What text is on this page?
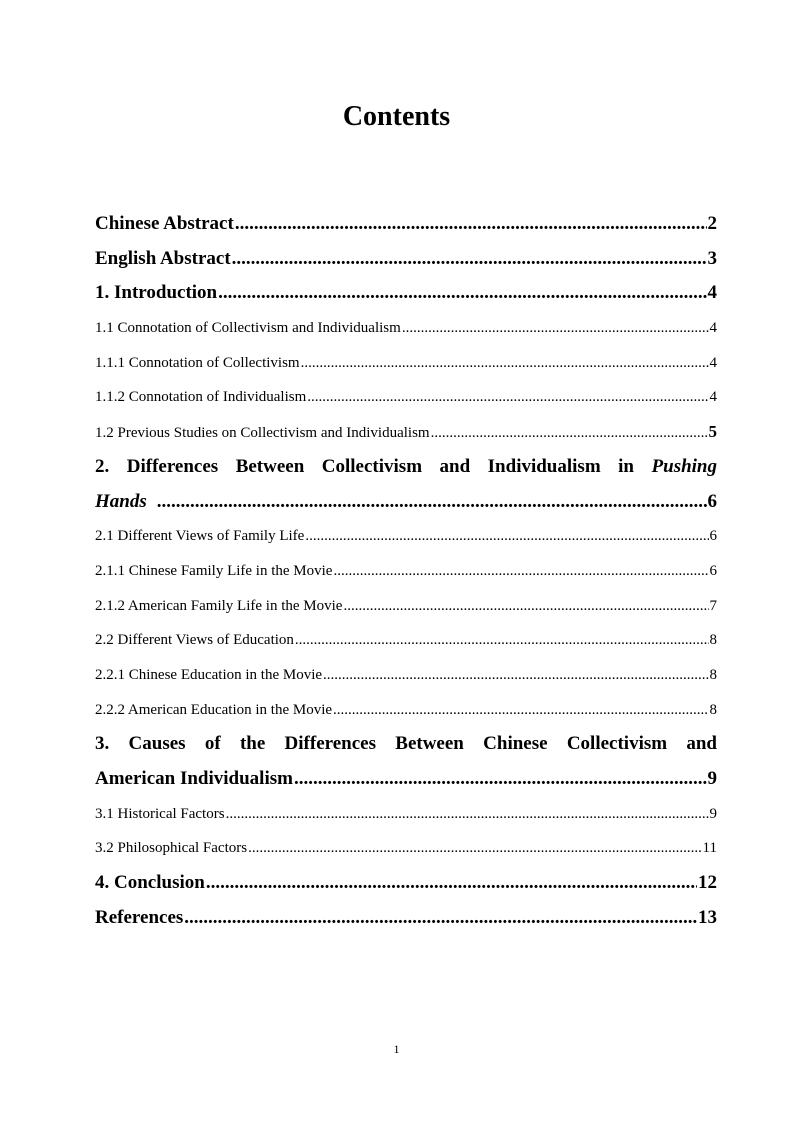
Contents
Chinese Abstract .....	2
English Abstract .....	3
1. Introduction .....	4
1.1 Connotation of Collectivism and Individualism .....	4
1.1.1 Connotation of Collectivism .....	4
1.1.2 Connotation of Individualism .....	4
1.2 Previous Studies on Collectivism and Individualism .....	5
2. Differences Between Collectivism and Individualism in Pushing
Hands .....	6
2.1 Different Views of Family Life .....	6
2.1.1 Chinese Family Life in the Movie .....	6
2.1.2 American Family Life in the Movie .....	7
2.2 Different Views of Education .....	8
2.2.1 Chinese Education in the Movie .....	8
2.2.2 American Education in the Movie .....	8
3. Causes of the Differences Between Chinese Collectivism and
American Individualism .....	9
3.1 Historical Factors .....	9
3.2 Philosophical Factors .....	11
4. Conclusion .....	12
References .....	13
1
